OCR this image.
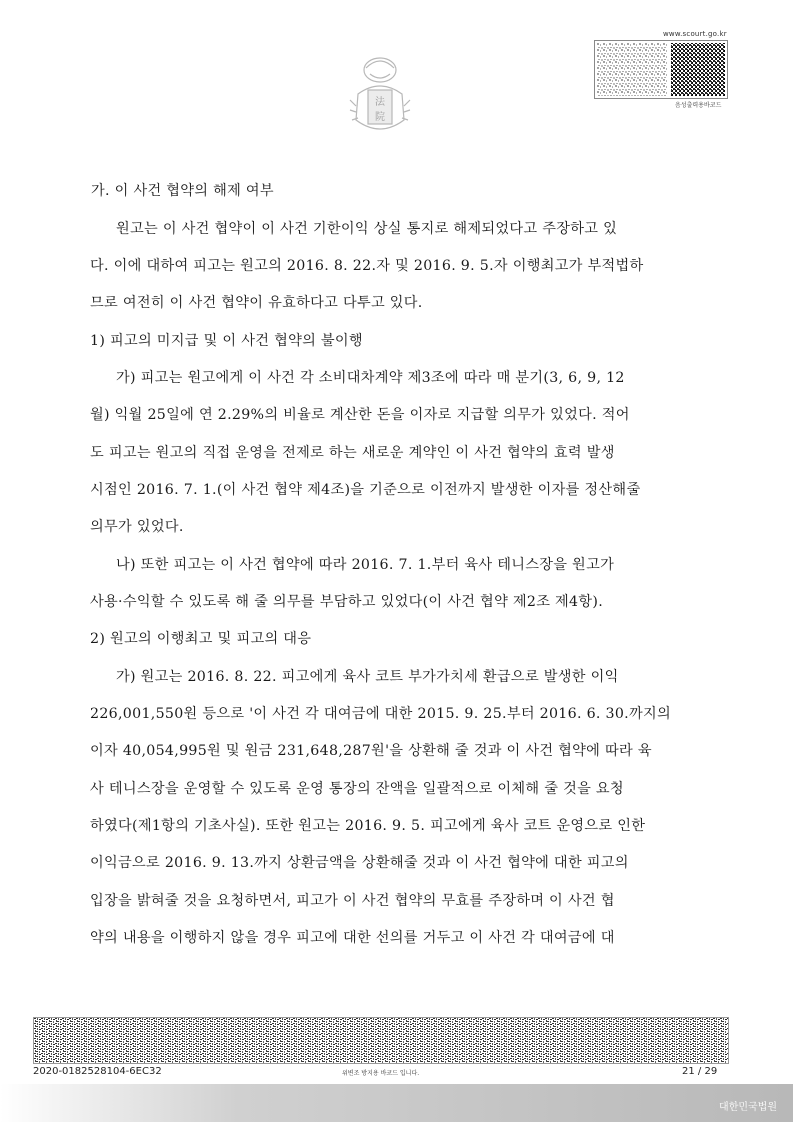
www.scourt.go.kr
음성출력용바코드
法
院
가. 이 사건 협약의 해제 여부
원고는 이 사건 협약이 이 사건 기한이익 상실 통지로 해제되었다고 주장하고 있
다. 이에 대하여 피고는 원고의 2016. 8. 22.자 및 2016. 9. 5.자 이행최고가 부적법하
므로 여전히 이 사건 협약이 유효하다고 다투고 있다.
1) 피고의 미지급 및 이 사건 협약의 불이행
가) 피고는 원고에게 이 사건 각 소비대차계약 제3조에 따라 매 분기(3, 6, 9, 12
월) 익월 25일에 연 2.29%의 비율로 계산한 돈을 이자로 지급할 의무가 있었다. 적어
도 피고는 원고의 직접 운영을 전제로 하는 새로운 계약인 이 사건 협약의 효력 발생
시점인 2016. 7. 1.(이 사건 협약 제4조)을 기준으로 이전까지 발생한 이자를 정산해줄
의무가 있었다.
나) 또한 피고는 이 사건 협약에 따라 2016. 7. 1.부터 육사 테니스장을 원고가
사용·수익할 수 있도록 해 줄 의무를 부담하고 있었다(이 사건 협약 제2조 제4항).
2) 원고의 이행최고 및 피고의 대응
가) 원고는 2016. 8. 22. 피고에게 육사 코트 부가가치세 환급으로 발생한 이익
226,001,550원 등으로 '이 사건 각 대여금에 대한 2015. 9. 25.부터 2016. 6. 30.까지의
이자 40,054,995원 및 원금 231,648,287원'을 상환해 줄 것과 이 사건 협약에 따라 육
사 테니스장을 운영할 수 있도록 운영 통장의 잔액을 일괄적으로 이체해 줄 것을 요청
하였다(제1항의 기초사실). 또한 원고는 2016. 9. 5. 피고에게 육사 코트 운영으로 인한
이익금으로 2016. 9. 13.까지 상환금액을 상환해줄 것과 이 사건 협약에 대한 피고의
입장을 밝혀줄 것을 요청하면서, 피고가 이 사건 협약의 무효를 주장하며 이 사건 협
약의 내용을 이행하지 않을 경우 피고에 대한 선의를 거두고 이 사건 각 대여금에 대
2020-0182528104-6EC32	위변조 방지용 바코드 입니다.	21 / 29
대한민국법원
